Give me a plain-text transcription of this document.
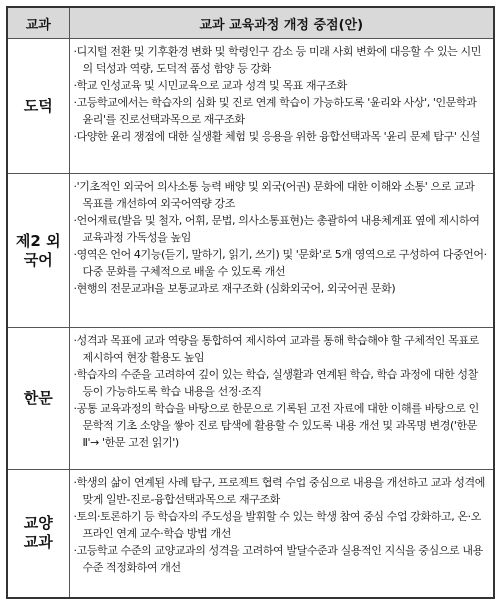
교과	교과 교육과정 개정 중점(안)
도덕	·디지털 전환 및 기후환경 변화 및 학령인구 감소 등 미래 사회 변화에 대응할 수 있는 시민의 덕성과 역량, 도덕적 품성 함양 등 강화

·학교 인성교육 및 시민교육으로 교과 성격 및 목표 재구조화

·고등학교에서는 학습자의 심화 및 진로 연계 학습이 가능하도록 '윤리와 사상', '인문학과 윤리'를 진로선택과목으로 재구조화

·다양한 윤리 쟁점에 대한 실생활 체험 및 응용을 위한 융합선택과목 '윤리 문제 탐구' 신설

제2 외국어	·'기초적인 외국어 의사소통 능력 배양 및 외국(어권) 문화에 대한 이해와 소통' 으로 교과 목표를 개선하여 외국어역량 강조

·언어재료(발음 및 철자, 어휘, 문법, 의사소통표현)는 총괄하여 내용체계표 옆에 제시하여 교육과정 가독성을 높임

·영역은 언어 4기능(듣기, 말하기, 읽기, 쓰기) 및 '문화'로 5개 영역으로 구성하여 다중언어·다중 문화를 구체적으로 배울 수 있도록 개선

·현행의 전문교과Ⅰ을 보통교과로 재구조화 (심화외국어, 외국어권 문화)

한문	·성격과 목표에 교과 역량을 통합하여 제시하여 교과를 통해 학습해야 할 구체적인 목표로 제시하여 현장 활용도 높임

·학습자의 수준을 고려하여 깊이 있는 학습, 실생활과 연계된 학습, 학습 과정에 대한 성찰 등이 가능하도록 학습 내용을 선정·조직

·공통 교육과정의 학습을 바탕으로 한문으로 기록된 고전 자료에 대한 이해를 바탕으로 인문학적 기초 소양을 쌓아 진로 탐색에 활용할 수 있도록 내용 개선 및 과목명 변경('한문Ⅱ'→ '한문 고전 읽기')

교양 교과	·학생의 삶이 연계된 사례 탐구, 프로젝트 협력 수업 중심으로 내용을 개선하고 교과 성격에 맞게 일반-진로-융합선택과목으로 재구조화

·토의·토론하기 등 학습자의 주도성을 발휘할 수 있는 학생 참여 중심 수업 강화하고, 온·오프라인 연계 교수·학습 방법 개선

·고등학교 수준의 교양교과의 성격을 고려하여 발달수준과 실용적인 지식을 중심으로 내용수준 적정화하여 개선
